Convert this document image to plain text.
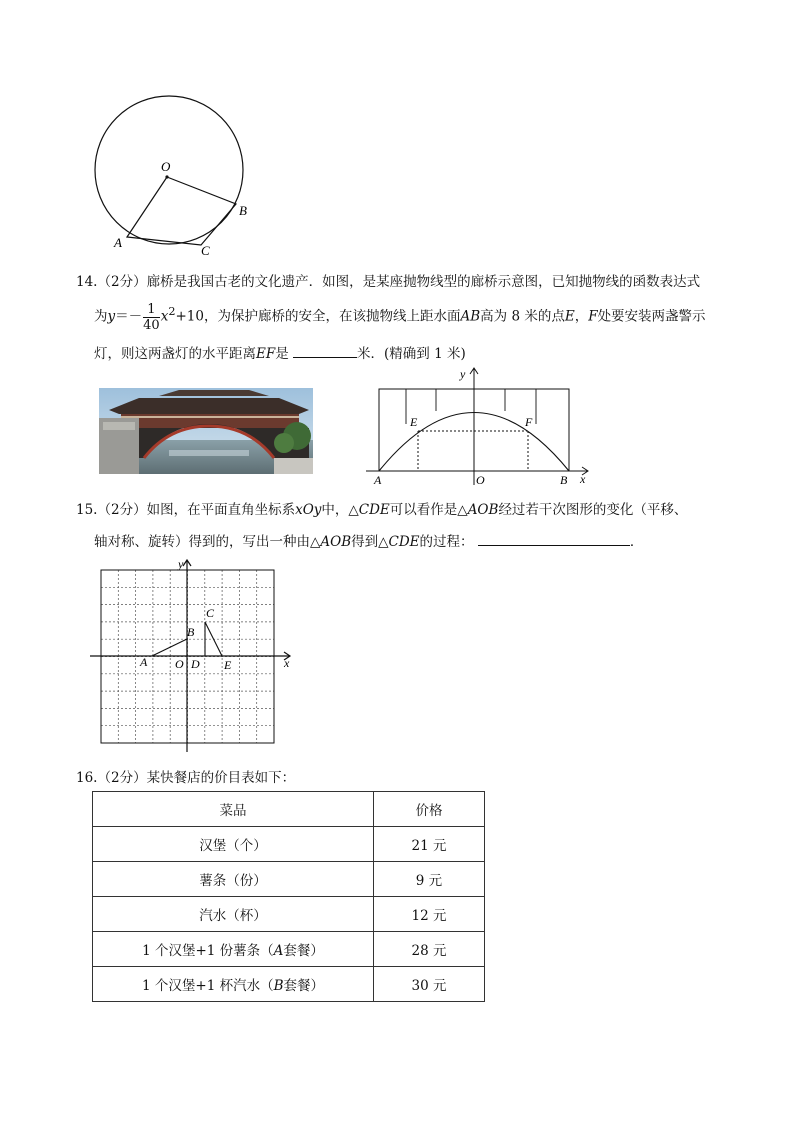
O
A
B
C
14.（2分）廊桥是我国古老的文化遗产．如图，是某座抛物线型的廊桥示意图，已知抛物线的函数表达式
为$y=- \frac{1}{40} x^2+10$，为保护廊桥的安全，在该抛物线上距水面AB高为 8 米的点E，F处要安装两盏警示
灯，则这两盏灯的水平距离EF是	米．(精确到 1 米)
y
x
E	F
A	O	B
15.（2分）如图，在平面直角坐标系xOy中，△CDE可以看作是△AOB经过若干次图形的变化（平移、
轴对称、旋转）得到的，写出一种由△AOB得到△CDE的过程：	．
y
x
A
B
C
O D E
16.（2分）某快餐店的价目表如下：
菜品	价格
汉堡（个）	21 元
薯条（份）	9 元
汽水（杯）	12 元
1 个汉堡+1 份薯条（A套餐）	28 元
1 个汉堡+1 杯汽水（B套餐）	30 元
